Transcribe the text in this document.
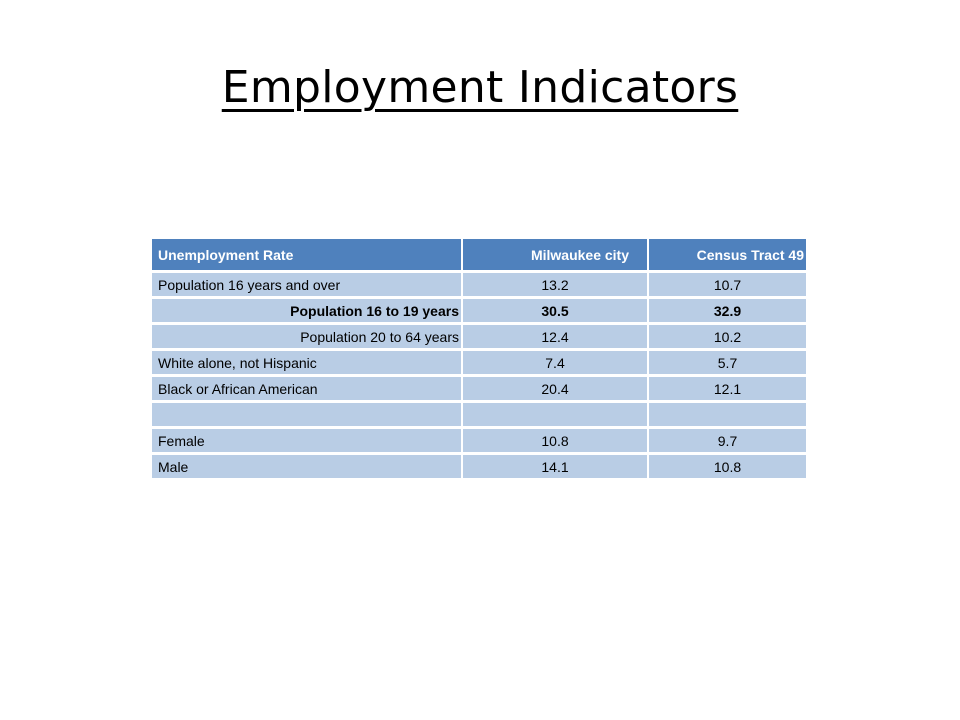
Employment Indicators
Unemployment Rate	Milwaukee city	Census Tract 49
Population 16 years and over	13.2	10.7
Population 16 to 19 years	30.5	32.9
Population 20 to 64 years	12.4	10.2
White alone, not Hispanic	7.4	5.7
Black or African American	20.4	12.1

Female	10.8	9.7
Male	14.1	10.8
